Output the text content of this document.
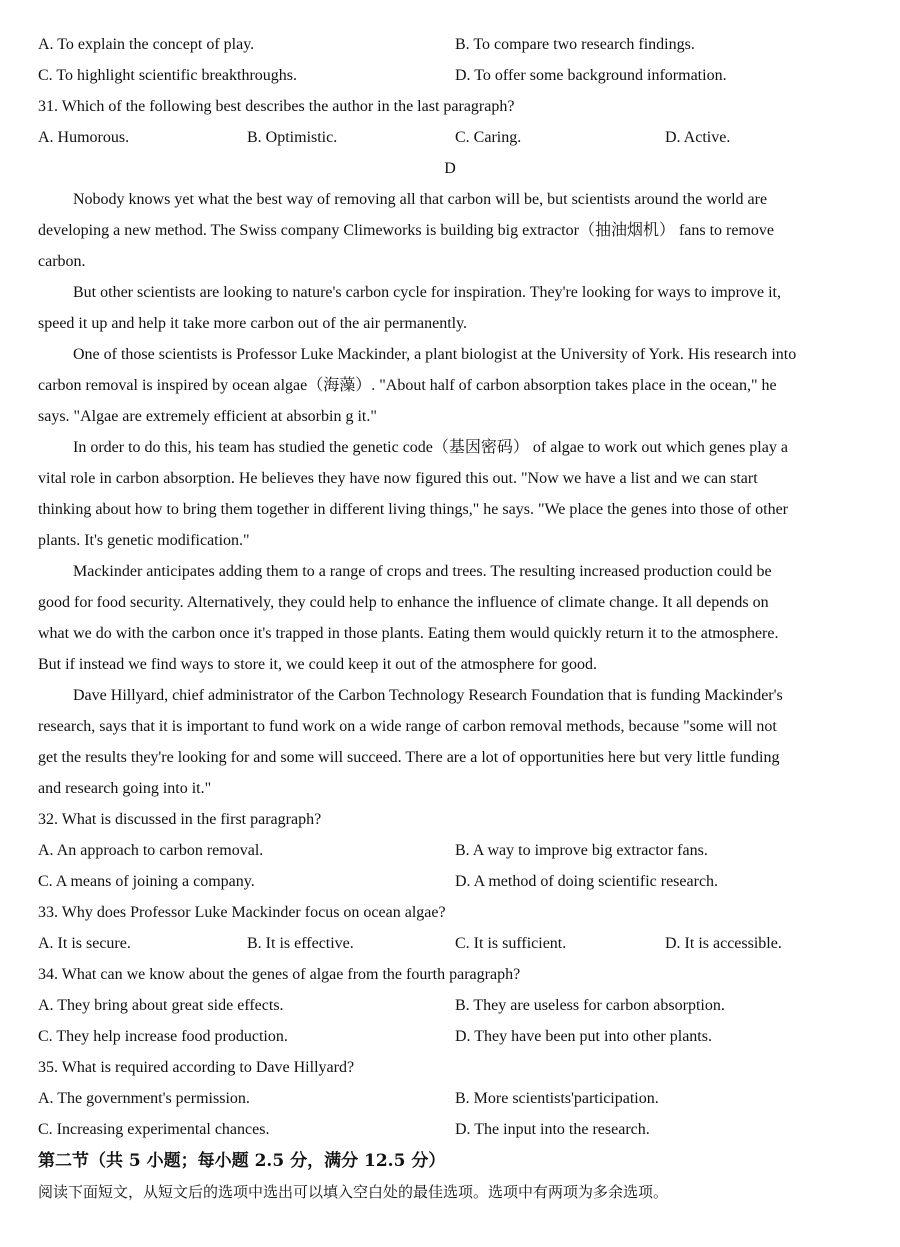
A. To explain the concept of play.	B. To compare two research findings.
C. To highlight scientific breakthroughs.	D. To offer some background information.
31. Which of the following best describes the author in the last paragraph?
A. Humorous.	B. Optimistic.	C. Caring.	D. Active.
D
Nobody knows yet what the best way of removing all that carbon will be, but scientists around the world are
developing a new method. The Swiss company Climeworks is building big extractor（抽油烟机） fans to remove
carbon.
But other scientists are looking to nature's carbon cycle for inspiration. They're looking for ways to improve it,
speed it up and help it take more carbon out of the air permanently.
One of those scientists is Professor Luke Mackinder, a plant biologist at the University of York. His research into
carbon removal is inspired by ocean algae（海藻）. "About half of carbon absorption takes place in the ocean," he
says. "Algae are extremely efficient at absorbin g it."
In order to do this, his team has studied the genetic code（基因密码） of algae to work out which genes play a
vital role in carbon absorption. He believes they have now figured this out. "Now we have a list and we can start
thinking about how to bring them together in different living things," he says. "We place the genes into those of other
plants. It's genetic modification."
Mackinder anticipates adding them to a range of crops and trees. The resulting increased production could be
good for food security. Alternatively, they could help to enhance the influence of climate change. It all depends on
what we do with the carbon once it's trapped in those plants. Eating them would quickly return it to the atmosphere.
But if instead we find ways to store it, we could keep it out of the atmosphere for good.
Dave Hillyard, chief administrator of the Carbon Technology Research Foundation that is funding Mackinder's
research, says that it is important to fund work on a wide range of carbon removal methods, because "some will not
get the results they're looking for and some will succeed. There are a lot of opportunities here but very little funding
and research going into it."
32. What is discussed in the first paragraph?
A. An approach to carbon removal.	B. A way to improve big extractor fans.
C. A means of joining a company.	D. A method of doing scientific research.
33. Why does Professor Luke Mackinder focus on ocean algae?
A. It is secure.	B. It is effective.	C. It is sufficient.	D. It is accessible.
34. What can we know about the genes of algae from the fourth paragraph?
A. They bring about great side effects.	B. They are useless for carbon absorption.
C. They help increase food production.	D. They have been put into other plants.
35. What is required according to Dave Hillyard?
A. The government's permission.	B. More scientists'participation.
C. Increasing experimental chances.	D. The input into the research.
第二节（共 5 小题；每小题 2.5 分，满分 12.5 分）
阅读下面短文，从短文后的选项中选出可以填入空白处的最佳选项。选项中有两项为多余选项。
